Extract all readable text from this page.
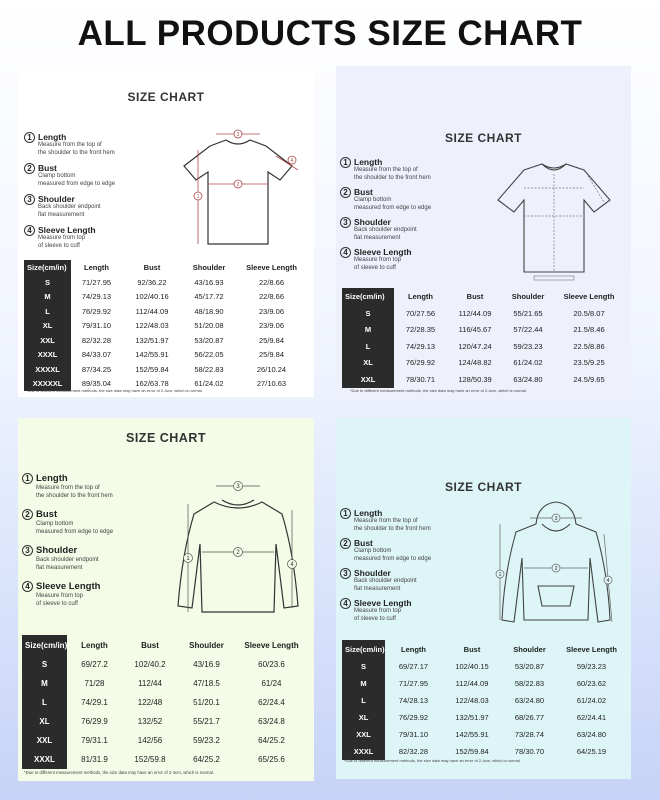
ALL PRODUCTS SIZE CHART
SIZE CHART
1 Length
Measure from the top of
the shoulder to the front hem
2 Bust
Clamp bottom
measured from edge to edge
3 Shoulder
Back shoulder endpoint
flat measurement
4 Sleeve Length
Measure from top
of sleeve to cuff
3
1
2
4
Size(cm/in)	Length	Bust	Shoulder	Sleeve Length
S	71/27.95	92/36.22	43/16.93	22/8.66
M	74/29.13	102/40.16	45/17.72	22/8.66
L	76/29.92	112/44.09	48/18.90	23/9.06
XL	79/31.10	122/48.03	51/20.08	23/9.06
XXL	82/32.28	132/51.97	53/20.87	25/9.84
XXXL	84/33.07	142/55.91	56/22.05	25/9.84
XXXXL	87/34.25	152/59.84	58/22.83	26/10.24
XXXXXL	89/35.04	162/63.78	61/24.02	27/10.63
*Due to different measurement methods, the size data may have an error of 2-4cm, which is normal.
SIZE CHART
1 Length
Measure from the top of
the shoulder to the front hem
2 Bust
Clamp bottom
measured from edge to edge
3 Shoulder
Back shoulder endpoint
flat measurement
4 Sleeve Length
Measure from top
of sleeve to cuff
Size(cm/in)	Length	Bust	Shoulder	Sleeve Length
S	70/27.56	112/44.09	55/21.65	20.5/8.07
M	72/28.35	116/45.67	57/22.44	21.5/8.46
L	74/29.13	120/47.24	59/23.23	22.5/8.86
XL	76/29.92	124/48.82	61/24.02	23.5/9.25
XXL	78/30.71	128/50.39	63/24.80	24.5/9.65
*Due to different measurement methods, the size data may have an error of 2-4cm, which is normal.
SIZE CHART
1 Length
Measure from the top of
the shoulder to the front hem
2 Bust
Clamp bottom
measured from edge to edge
3 Shoulder
Back shoulder endpoint
flat measurement
4 Sleeve Length
Measure from top
of sleeve to cuff
3
1
2
4
Size(cm/in)	Length	Bust	Shoulder	Sleeve Length
S	69/27.2	102/40.2	43/16.9	60/23.6
M	71/28	112/44	47/18.5	61/24
L	74/29.1	122/48	51/20.1	62/24.4
XL	76/29.9	132/52	55/21.7	63/24.8
XXL	79/31.1	142/56	59/23.2	64/25.2
XXXL	81/31.9	152/59.8	64/25.2	65/25.6
*Due to different measurement methods, the size data may have an error of 2-4cm, which is normal.
SIZE CHART
1 Length
Measure from the top of
the shoulder to the front hem
2 Bust
Clamp bottom
measured from edge to edge
3 Shoulder
Back shoulder endpoint
flat measurement
4 Sleeve Length
Measure from top
of sleeve to cuff
3
1
2
4
Size(cm/in)	Length	Bust	Shoulder	Sleeve Length
S	69/27.17	102/40.15	53/20.87	59/23.23
M	71/27.95	112/44.09	58/22.83	60/23.62
L	74/28.13	122/48.03	63/24.80	61/24.02
XL	76/29.92	132/51.97	68/26.77	62/24.41
XXL	79/31.10	142/55.91	73/28.74	63/24.80
XXXL	82/32.28	152/59.84	78/30.70	64/25.19
*Due to different measurement methods, the size data may have an error of 2-4cm, which is normal.
